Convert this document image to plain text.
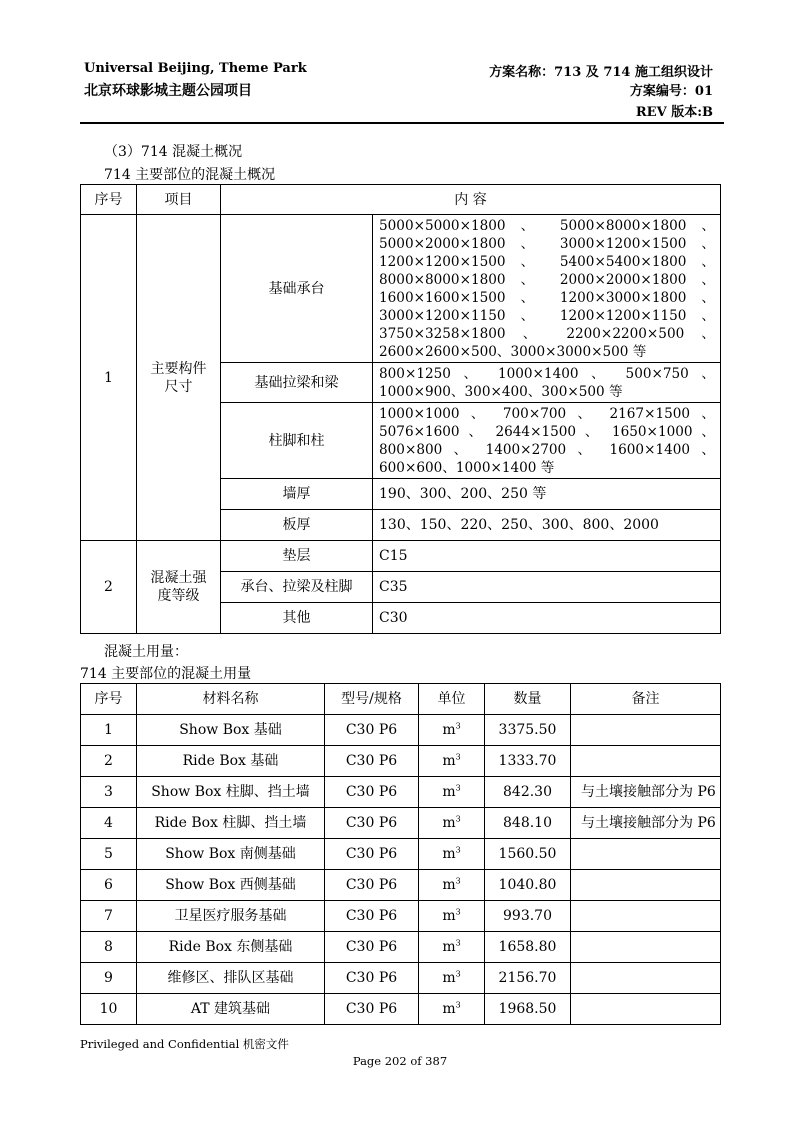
Universal Beijing, Theme Park
北京环球影城主题公园项目
方案名称：713 及 714 施工组织设计
方案编号：01
REV 版本:B
（3）714 混凝土概况
714 主要部位的混凝土概况
序号	项目	内 容	
1	主要构件尺寸	基础承台	5000×5000×1800 、 5000×8000×1800 、 5000×2000×1800 、 3000×1200×1500 、 1200×1200×1500 、 5400×5400×1800 、 8000×8000×1800 、 2000×2000×1800 、 1600×1600×1500 、 1200×3000×1800 、 3000×1200×1150 、 1200×1200×1150 、 3750×3258×1800 、 2200×2200×500 、 2600×2600×500、3000×3000×500 等
		基础拉梁和梁	800×1250 、 1000×1400 、 500×750 、 1000×900、300×400、300×500 等
		柱脚和柱	1000×1000 、 700×700 、 2167×1500 、 5076×1600 、 2644×1500 、 1650×1000 、 800×800 、 1400×2700 、 1600×1400 、 600×600、1000×1400 等
		墙厚	190、300、200、250 等
		板厚	130、150、220、250、300、800、2000
2	混凝土强度等级	垫层	C15
		承台、拉梁及柱脚	C35
		其他	C30
混凝土用量：
714 主要部位的混凝土用量
序号	材料名称	型号/规格	单位	数量	备注
1	Show Box 基础	C30 P6	$m^3$	3375.50	
2	Ride Box 基础	C30 P6	$m^3$	1333.70	
3	Show Box 柱脚、挡土墙	C30 P6	$m^3$	842.30	与土壤接触部分为 P6
4	Ride Box 柱脚、挡土墙	C30 P6	$m^3$	848.10	与土壤接触部分为 P6
5	Show Box 南侧基础	C30 P6	$m^3$	1560.50	
6	Show Box 西侧基础	C30 P6	$m^3$	1040.80	
7	卫星医疗服务基础	C30 P6	$m^3$	993.70	
8	Ride Box 东侧基础	C30 P6	$m^3$	1658.80	
9	维修区、排队区基础	C30 P6	$m^3$	2156.70	
10	AT 建筑基础	C30 P6	$m^3$	1968.50	
Privileged and Confidential 机密文件
Page 202 of 387
